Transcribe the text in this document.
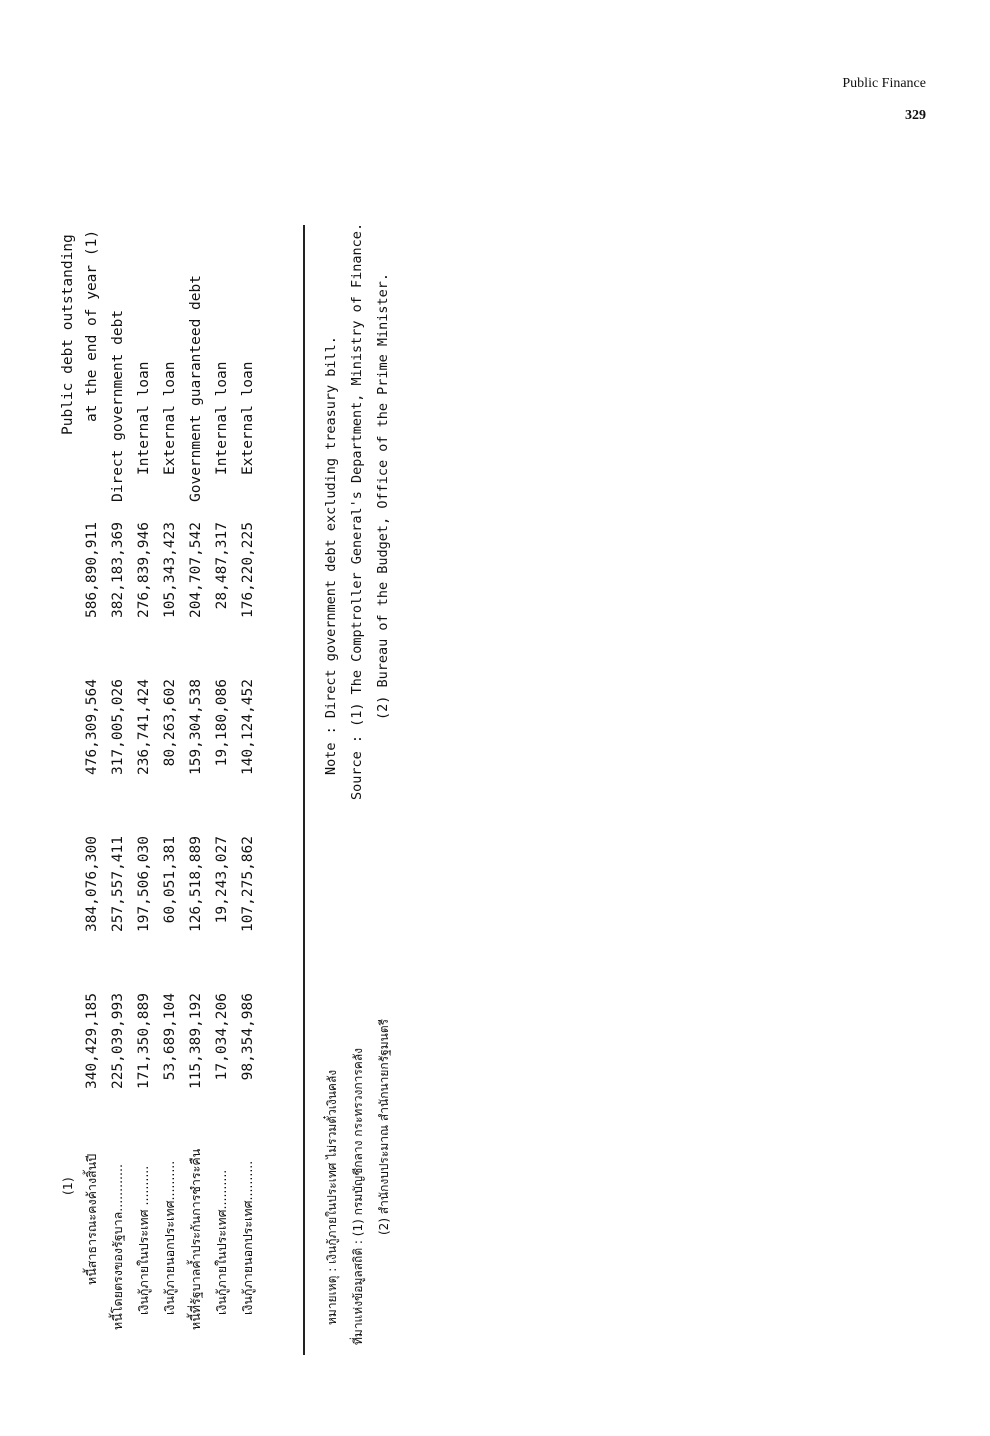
Public Finance
329
(1)
Public debt outstanding
หนี้สาธารณะคงค้างสิ้นปี
340,429,185
384,076,300
476,309,564
586,890,911
at the end of year (1)
หนี้โดยตรงของรัฐบาล............
225,039,993
257,557,411
317,005,026
382,183,369
Direct government debt
เงินกู้ภายในประเทศ ..........
171,350,889
197,506,030
236,741,424
276,839,946
Internal loan
เงินกู้ภายนอกประเทศ..........
53,689,104
60,051,381
80,263,602
105,343,423
External loan
หนี้ที่รัฐบาลค้ำประกันการชำระคืน
115,389,192
126,518,889
159,304,538
204,707,542
Government guaranteed debt
เงินกู้ภายในประเทศ..........
17,034,206
19,243,027
19,180,086
28,487,317
Internal loan
เงินกู้ภายนอกประเทศ..........
98,354,986
107,275,862
140,124,452
176,220,225
External loan
หมายเหตุ : เงินกู้ภายในประเทศ ไม่รวมตั๋วเงินคลัง ที่มาแห่งข้อมูลสถิติ : (1) กรมบัญชีกลาง กระทรวงการคลัง (2) สำนักงบประมาณ สำนักนายกรัฐมนตรี
Note : Direct government debt excluding treasury bill. Source : (1) The Comptroller General's Department, Ministry of Finance. (2) Bureau of the Budget, Office of the Prime Minister.
